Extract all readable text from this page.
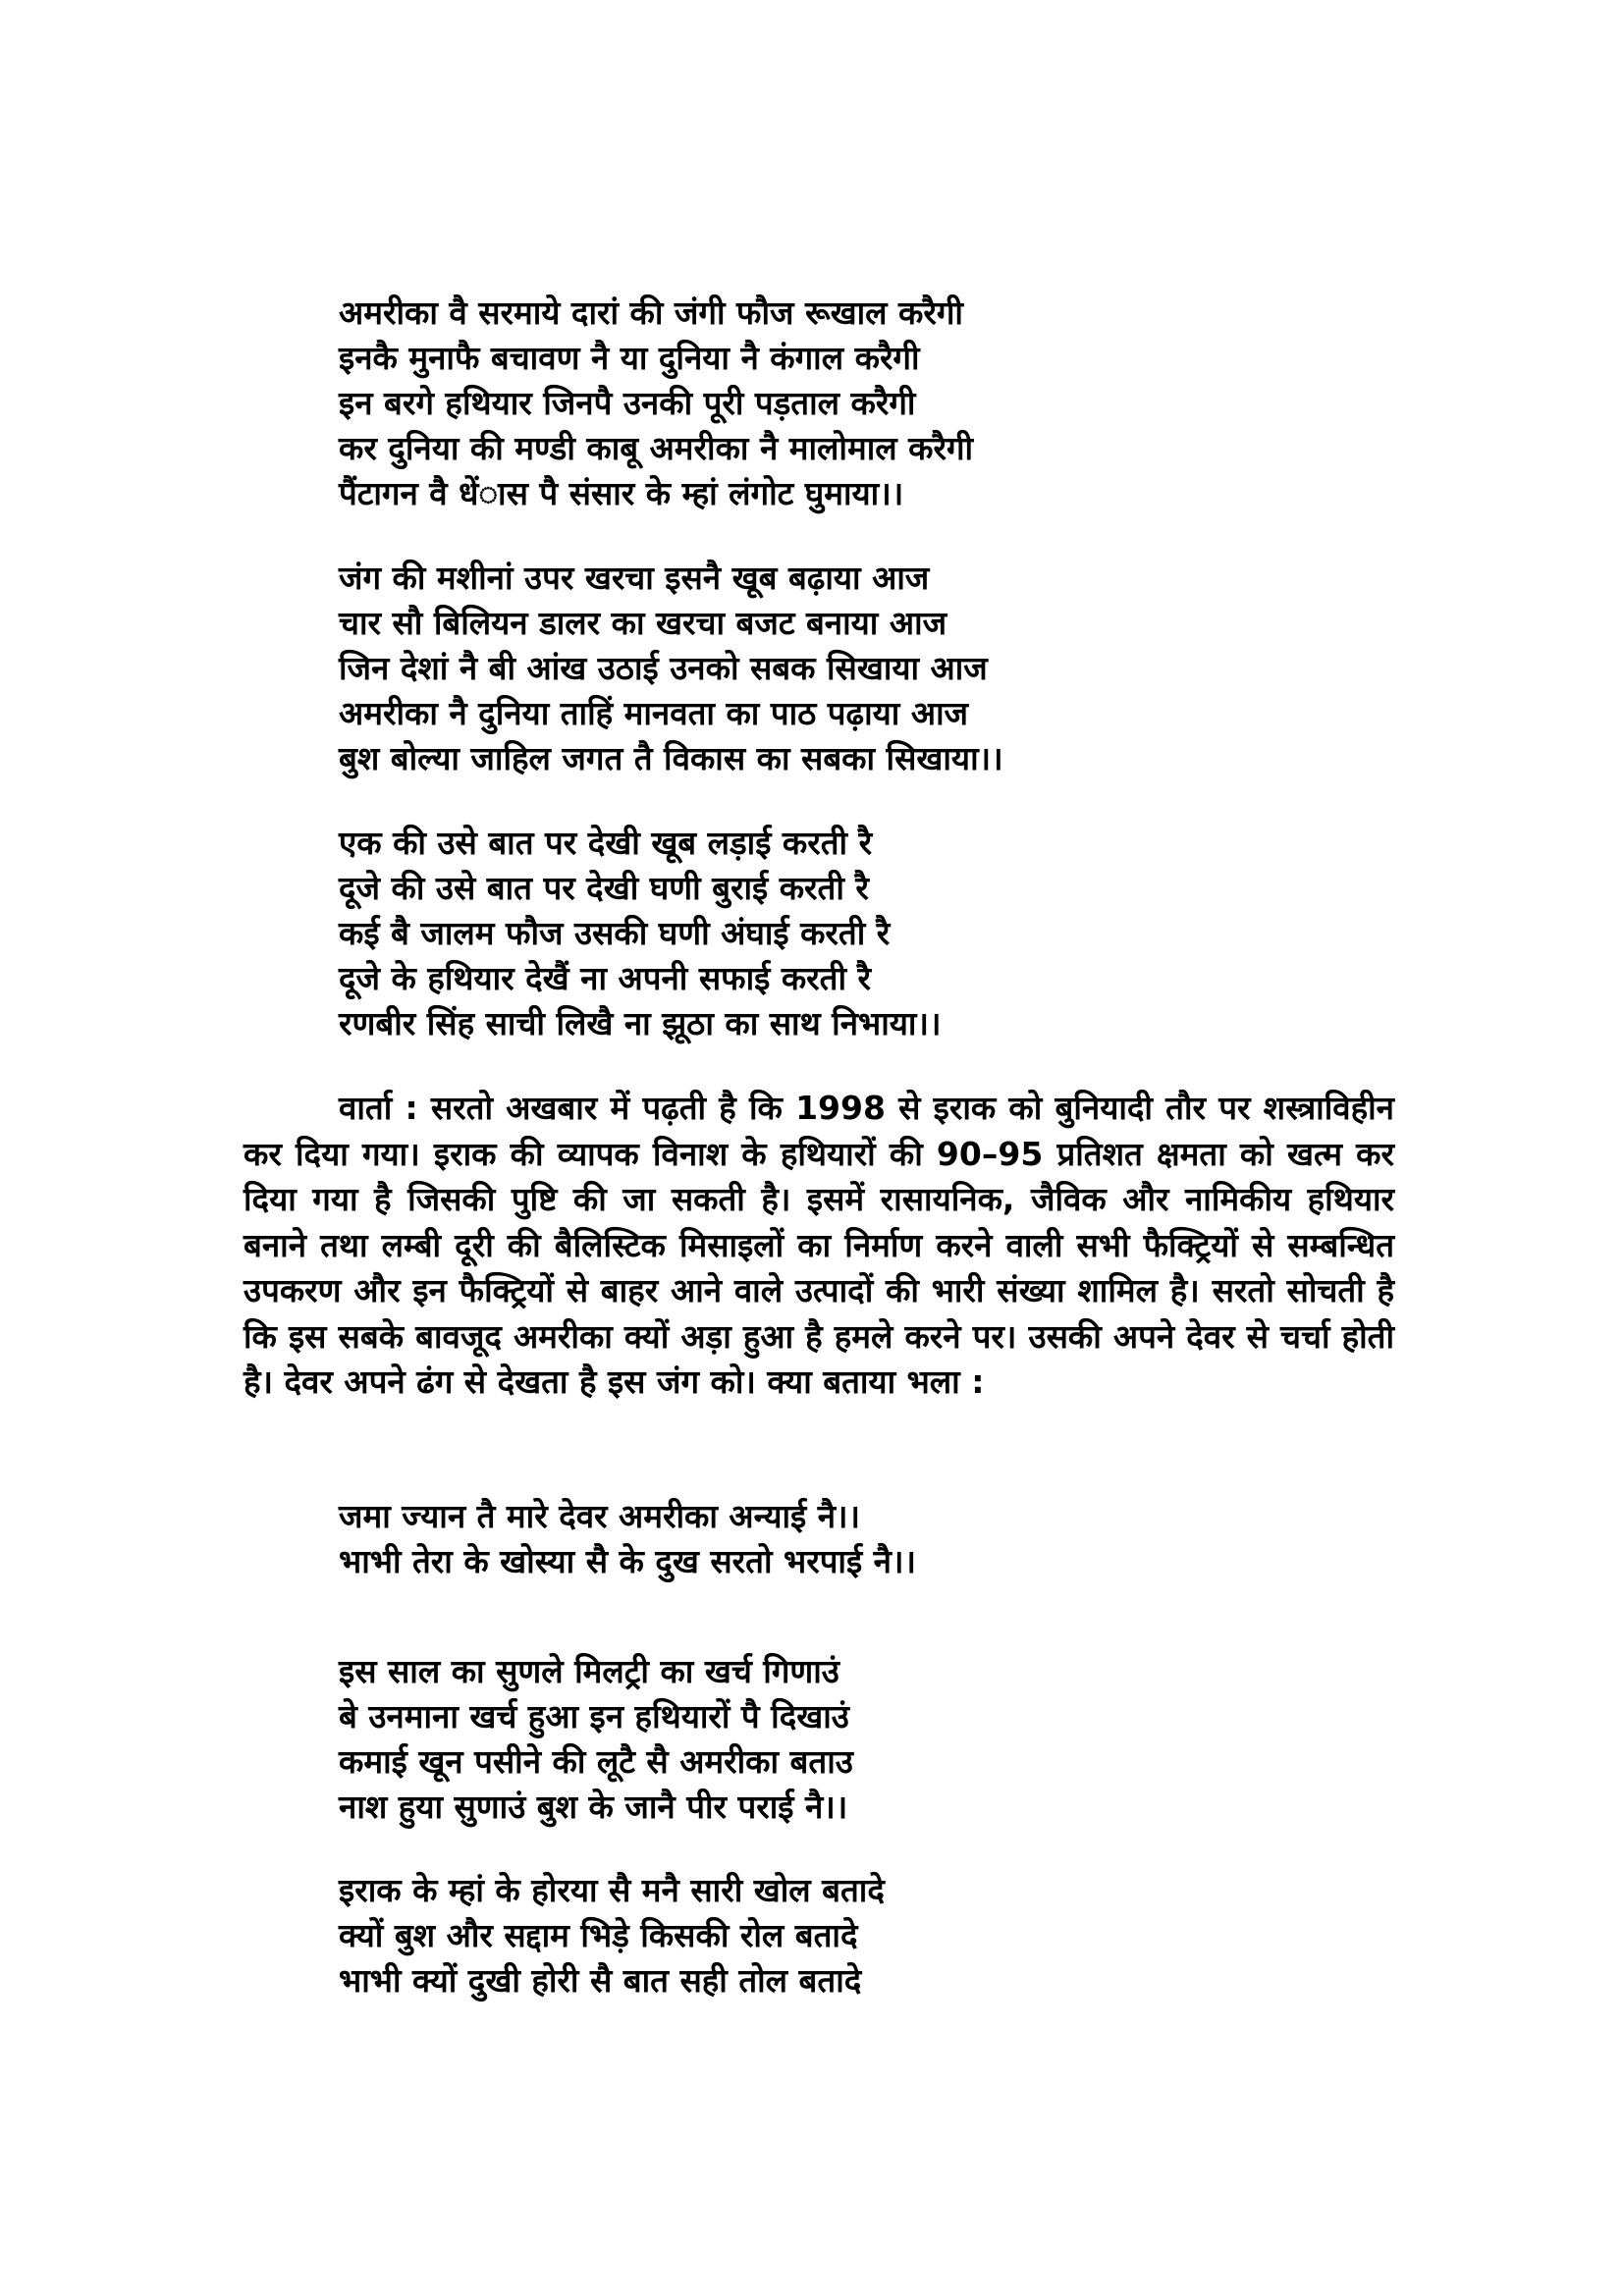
अमरीका वै सरमाये दारां की जंगी फौज रूखाल करैगी
इनकै मुनाफै बचावण नै या दुनिया नै कंगाल करैगी
इन बरगे हथियार जिनपै उनकी पूरी पड़ताल करैगी
कर दुनिया की मण्डी काबू अमरीका नै मालोमाल करैगी
पैंटागन वै धेंास पै संसार के म्हां लंगोट घुमाया।।
जंग की मशीनां उपर खरचा इसनै खूब बढ़ाया आज
चार सौ बिलियन डालर का खरचा बजट बनाया आज
जिन देशां नै बी आंख उठाई उनको सबक सिखाया आज
अमरीका नै दुनिया ताहिं मानवता का पाठ पढ़ाया आज
बुश बोल्या जाहिल जगत तै विकास का सबका सिखाया।।
एक की उसे बात पर देखी खूब लड़ाई करती रै
दूजे की उसे बात पर देखी घणी बुराई करती रै
कई बै जालम फौज उसकी घणी अंघाई करती रै
दूजे के हथियार देखैं ना अपनी सफाई करती रै
रणबीर सिंह साची लिखै ना झूठा का साथ निभाया।।

वार्ता : सरतो अखबार में पढ़ती है कि 1998 से इराक को बुनियादी तौर पर शस्त्राविहीन कर दिया गया। इराक की व्यापक विनाश के हथियारों की 90–95 प्रतिशत क्षमता को खत्म कर दिया गया है जिसकी पुष्टि की जा सकती है। इसमें रासायनिक, जैविक और नामिकीय हथियार बनाने तथा लम्बी दूरी की बैलिस्टिक मिसाइलों का निर्माण करने वाली सभी फैक्ट्रियों से सम्बन्धित उपकरण और इन फैक्ट्रियों से बाहर आने वाले उत्पादों की भारी संख्या शामिल है। सरतो सोचती है कि इस सबके बावजूद अमरीका क्यों अड़ा हुआ है हमले करने पर। उसकी अपने देवर से चर्चा होती है। देवर अपने ढंग से देखता है इस जंग को। क्या बताया भला :

जमा ज्यान तै मारे देवर अमरीका अन्याई नै।।
भाभी तेरा के खोस्या सै के दुख सरतो भरपाई नै।।
इस साल का सुणले मिलट्री का खर्च गिणाउं
बे उनमाना खर्च हुआ इन हथियारों पै दिखाउं
कमाई खून पसीने की लूटै सै अमरीका बताउ
नाश हुया सुणाउं बुश के जानै पीर पराई नै।।
इराक के म्हां के होरया सै मनै सारी खोल बतादे
क्यों बुश और सद्दाम भिड़े किसकी रोल बतादे
भाभी क्यों दुखी होरी सै बात सही तोल बतादे
